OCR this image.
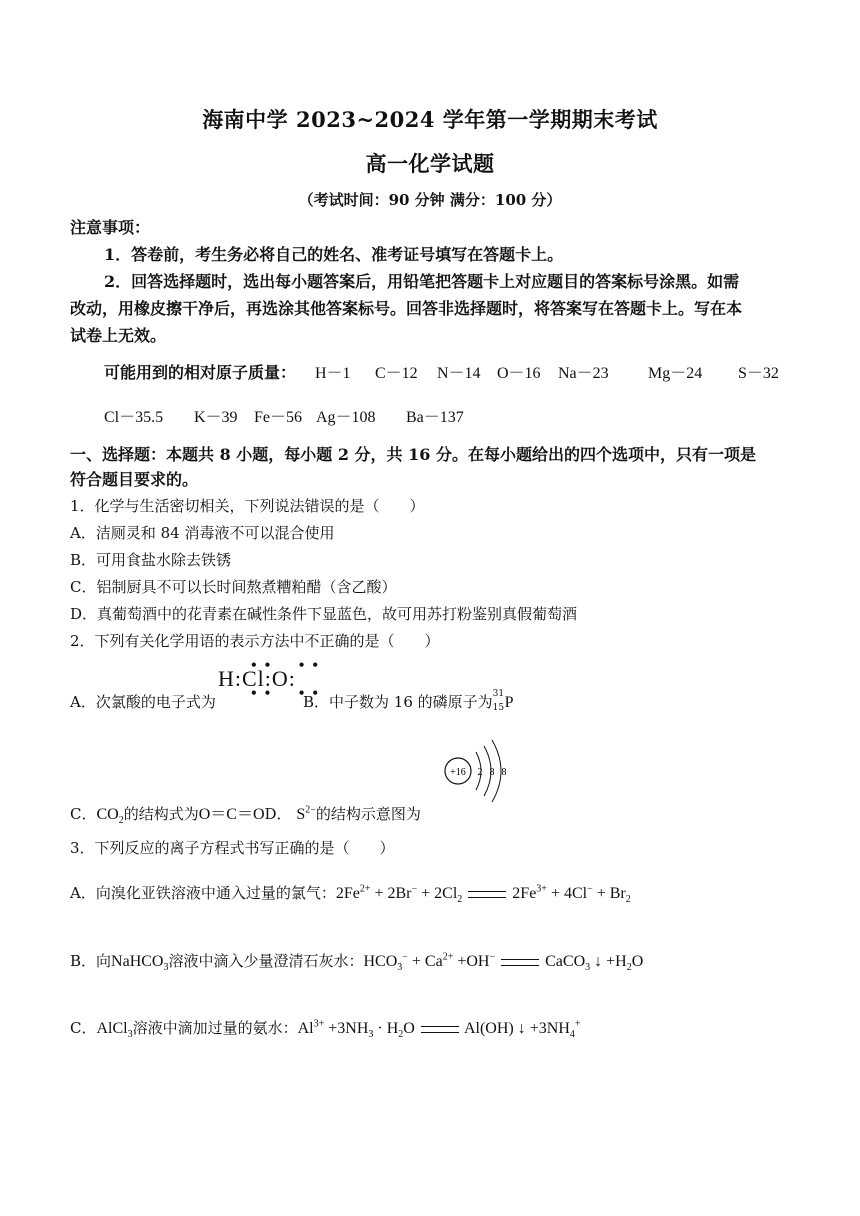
海南中学 2023~2024 学年第一学期期末考试
高一化学试题
（考试时间：90 分钟 满分：100 分）
注意事项：
1．答卷前，考生务必将自己的姓名、准考证号填写在答题卡上。
2．回答选择题时，选出每小题答案后，用铅笔把答题卡上对应题目的答案标号涂黑。如需
改动，用橡皮擦干净后，再选涂其他答案标号。回答非选择题时，将答案写在答题卡上。写在本
试卷上无效。
可能用到的相对原子质量： H－1 C－12 N－14 O－16 Na－23 Mg－24 S－32
Cl－35.5 K－39 Fe－56 Ag－108 Ba－137
一、选择题：本题共 8 小题，每小题 2 分，共 16 分。在每小题给出的四个选项中，只有一项是
符合题目要求的。
1．化学与生活密切相关，下列说法错误的是（　　）
A．洁厕灵和 84 消毒液不可以混合使用
B．可用食盐水除去铁锈
C．铝制厨具不可以长时间熬煮糟粕醋（含乙酸）
D．真葡萄酒中的花青素在碱性条件下显蓝色，故可用苏打粉鉴别真假葡萄酒
2．下列有关化学用语的表示方法中不正确的是（　　）
A．次氯酸的电子式为
••  ••
H:Cl:O:
••  ••
B．中子数为 16 的磷原子为 31
15 P
C．$CO_2$的结构式为O＝C＝OD． $S^{2-}$的结构示意图为
+16 2 8 8
3．下列反应的离子方程式书写正确的是（　　）
A．向溴化亚铁溶液中通入过量的氯气：$2Fe^{2+} + 2Br^- + 2Cl_2$	$2Fe^{3+} + 4Cl^- + Br_2$
B．向NaHCO$_3$溶液中滴入少量澄清石灰水：$HCO_3^- + Ca^{2+} +OH^-$	CaCO$_3$ ↓ $+H_2O$
C．AlCl$_3$溶液中滴加过量的氨水：$Al^{3+} +3NH_3 \cdot H_2O$	Al(OH) ↓ $+3NH_4^+$
